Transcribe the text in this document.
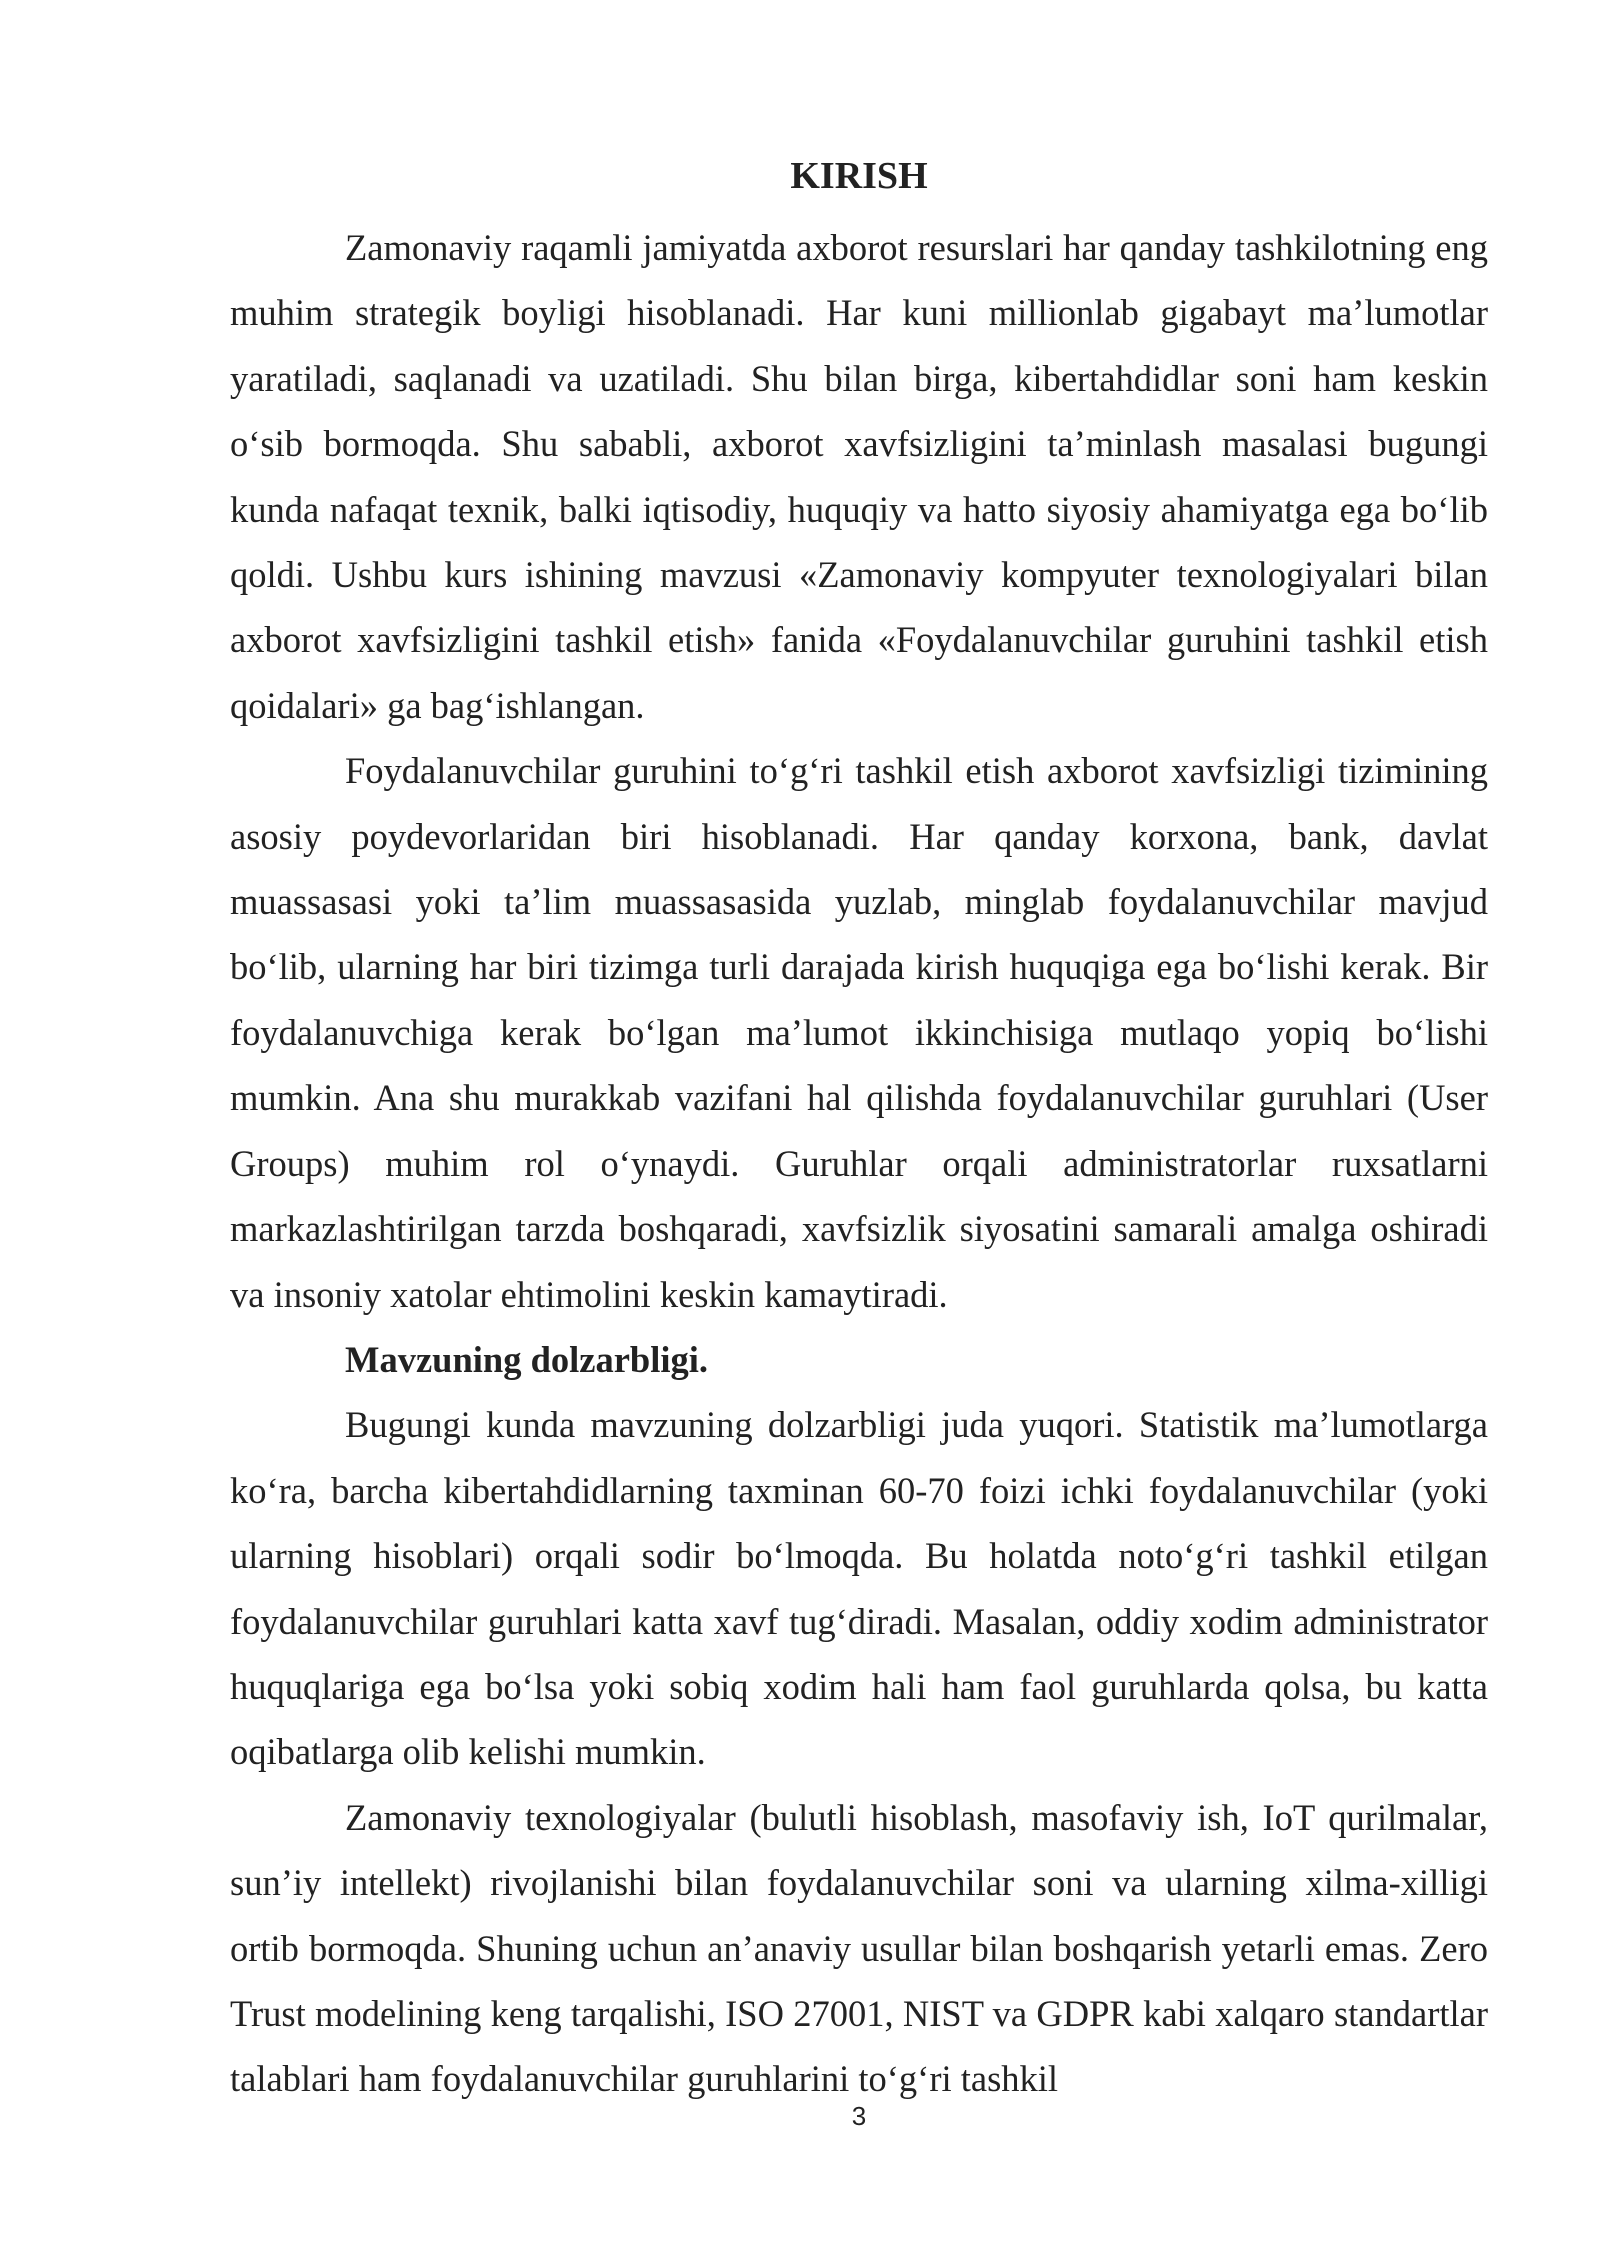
KIRISH

Zamonaviy raqamli jamiyatda axborot resurslari har qanday tashkilotning eng muhim strategik boyligi hisoblanadi. Har kuni millionlab gigabayt ma’lumotlar yaratiladi, saqlanadi va uzatiladi. Shu bilan birga, kibertahdidlar soni ham keskin o‘sib bormoqda. Shu sababli, axborot xavfsizligini ta’minlash masalasi bugungi kunda nafaqat texnik, balki iqtisodiy, huquqiy va hatto siyosiy ahamiyatga ega bo‘lib qoldi. Ushbu kurs ishining mavzusi «Zamonaviy kompyuter texnologiyalari bilan axborot xavfsizligini tashkil etish» fanida «Foydalanuvchilar guruhini tashkil etish qoidalari» ga bag‘ishlangan.

Foydalanuvchilar guruhini to‘g‘ri tashkil etish axborot xavfsizligi tizimining asosiy poydevorlaridan biri hisoblanadi. Har qanday korxona, bank, davlat muassasasi yoki ta’lim muassasasida yuzlab, minglab foydalanuvchilar mavjud bo‘lib, ularning har biri tizimga turli darajada kirish huquqiga ega bo‘lishi kerak. Bir foydalanuvchiga kerak bo‘lgan ma’lumot ikkinchisiga mutlaqo yopiq bo‘lishi mumkin. Ana shu murakkab vazifani hal qilishda foydalanuvchilar guruhlari (User Groups) muhim rol o‘ynaydi. Guruhlar orqali administratorlar ruxsatlarni markazlashtirilgan tarzda boshqaradi, xavfsizlik siyosatini samarali amalga oshiradi va insoniy xatolar ehtimolini keskin kamaytiradi.

Mavzuning dolzarbligi.

Bugungi kunda mavzuning dolzarbligi juda yuqori. Statistik ma’lumotlarga ko‘ra, barcha kibertahdidlarning taxminan 60-70 foizi ichki foydalanuvchilar (yoki ularning hisoblari) orqali sodir bo‘lmoqda. Bu holatda noto‘g‘ri tashkil etilgan foydalanuvchilar guruhlari katta xavf tug‘diradi. Masalan, oddiy xodim administrator huquqlariga ega bo‘lsa yoki sobiq xodim hali ham faol guruhlarda qolsa, bu katta oqibatlarga olib kelishi mumkin.

Zamonaviy texnologiyalar (bulutli hisoblash, masofaviy ish, IoT qurilmalar, sun’iy intellekt) rivojlanishi bilan foydalanuvchilar soni va ularning xilma-xilligi ortib bormoqda. Shuning uchun an’anaviy usullar bilan boshqarish yetarli emas. Zero Trust modelining keng tarqalishi, ISO 27001, NIST va GDPR kabi xalqaro standartlar talablari ham foydalanuvchilar guruhlarini to‘g‘ri tashkil

3
